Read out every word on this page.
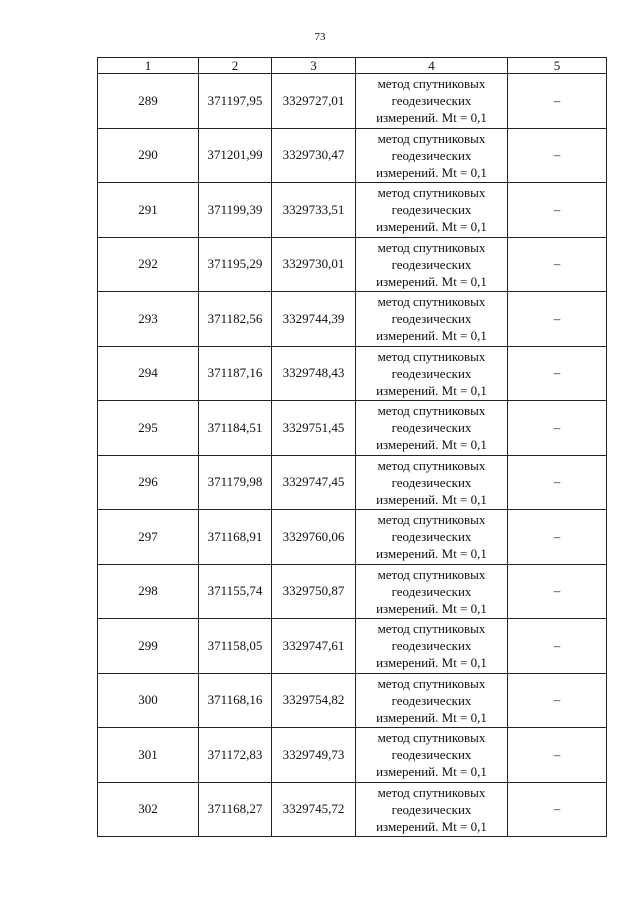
73
1	2	3	4	5
289	371197,95	3329727,01	метод спутниковых
геодезических
измерений. Mt = 0,1	–
290	371201,99	3329730,47	метод спутниковых
геодезических
измерений. Mt = 0,1	–
291	371199,39	3329733,51	метод спутниковых
геодезических
измерений. Mt = 0,1	–
292	371195,29	3329730,01	метод спутниковых
геодезических
измерений. Mt = 0,1	–
293	371182,56	3329744,39	метод спутниковых
геодезических
измерений. Mt = 0,1	–
294	371187,16	3329748,43	метод спутниковых
геодезических
измерений. Mt = 0,1	–
295	371184,51	3329751,45	метод спутниковых
геодезических
измерений. Mt = 0,1	–
296	371179,98	3329747,45	метод спутниковых
геодезических
измерений. Mt = 0,1	–
297	371168,91	3329760,06	метод спутниковых
геодезических
измерений. Mt = 0,1	–
298	371155,74	3329750,87	метод спутниковых
геодезических
измерений. Mt = 0,1	–
299	371158,05	3329747,61	метод спутниковых
геодезических
измерений. Mt = 0,1	–
300	371168,16	3329754,82	метод спутниковых
геодезических
измерений. Mt = 0,1	–
301	371172,83	3329749,73	метод спутниковых
геодезических
измерений. Mt = 0,1	–
302	371168,27	3329745,72	метод спутниковых
геодезических
измерений. Mt = 0,1	–
